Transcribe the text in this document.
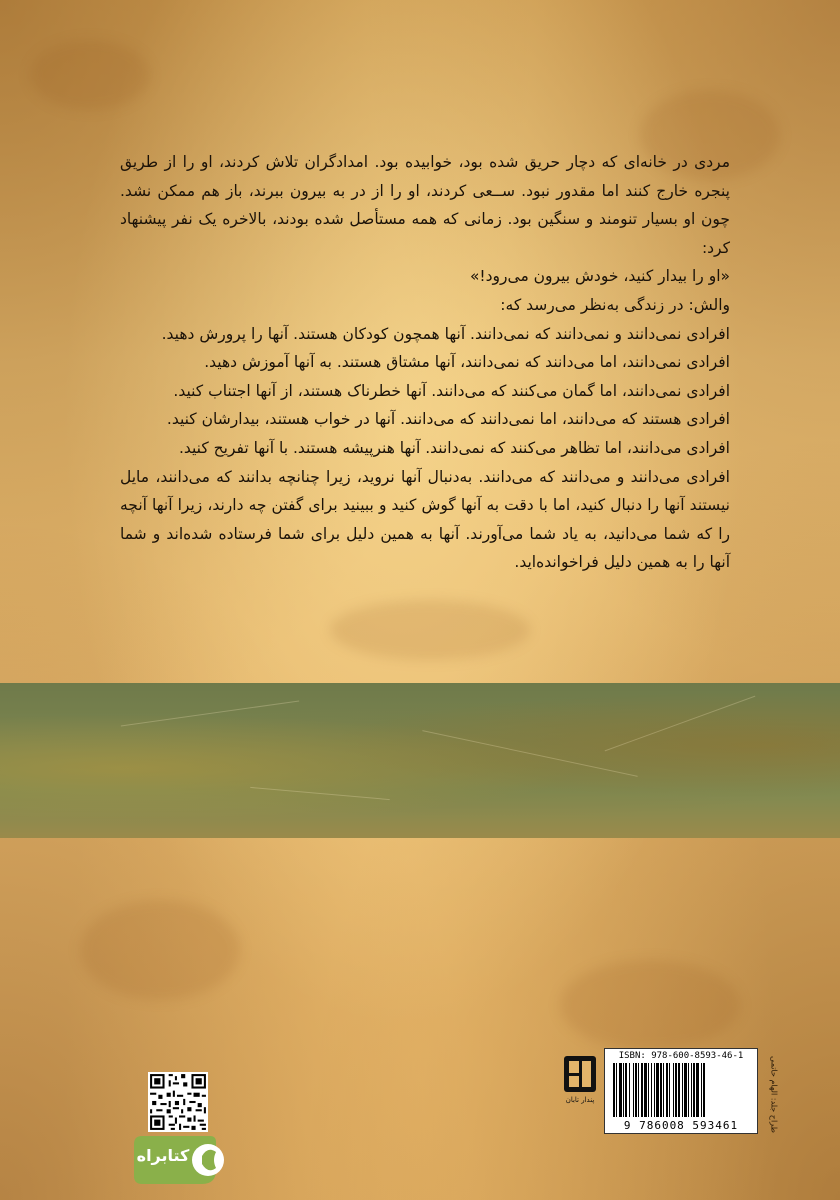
مردی در خانه‌ای که دچار حریق شده بود، خوابیده بود. امدادگران تلاش کردند، او را از طریق پنجره خارج کنند اما مقدور نبود. ســعی کردند، او را از در به بیرون ببرند، باز هم ممکن نشد. چون او بسیار تنومند و سنگین بود. زمانی که همه مستأصل شده بودند، بالاخره یک نفر پیشنهاد کرد:

«او را بیدار کنید، خودش بیرون می‌رود!»

والش: در زندگی به‌نظر می‌رسد که:

افرادی نمی‌دانند و نمی‌دانند که نمی‌دانند. آنها همچون کودکان هستند. آنها را پرورش دهید.

افرادی نمی‌دانند، اما می‌دانند که نمی‌دانند، آنها مشتاق هستند. به آنها آموزش دهید.

افرادی نمی‌دانند، اما گمان می‌کنند که می‌دانند. آنها خطرناک هستند، از آنها اجتناب کنید.

افرادی هستند که می‌دانند، اما نمی‌دانند که می‌دانند. آنها در خواب هستند، بیدارشان کنید.

افرادی می‌دانند، اما تظاهر می‌کنند که نمی‌دانند. آنها هنرپیشه هستند. با آنها تفریح کنید.

افرادی می‌دانند و می‌دانند که می‌دانند. به‌دنبال آنها نروید، زیرا چنانچه بدانند که می‌دانند، مایل نیستند آنها را دنبال کنید، اما با دقت به آنها گوش کنید و ببینید برای گفتن چه دارند، زیرا آنها آنچه را که شما می‌دانید، به یاد شما می‌آورند. آنها به همین دلیل برای شما فرستاده شده‌اند و شما آنها را به همین دلیل فراخوانده‌اید.

کتابراه
پندار تابان
ISBN: 978-600-8593-46-1
9 786008 593461	طراح جلد: الهام حاتمی
